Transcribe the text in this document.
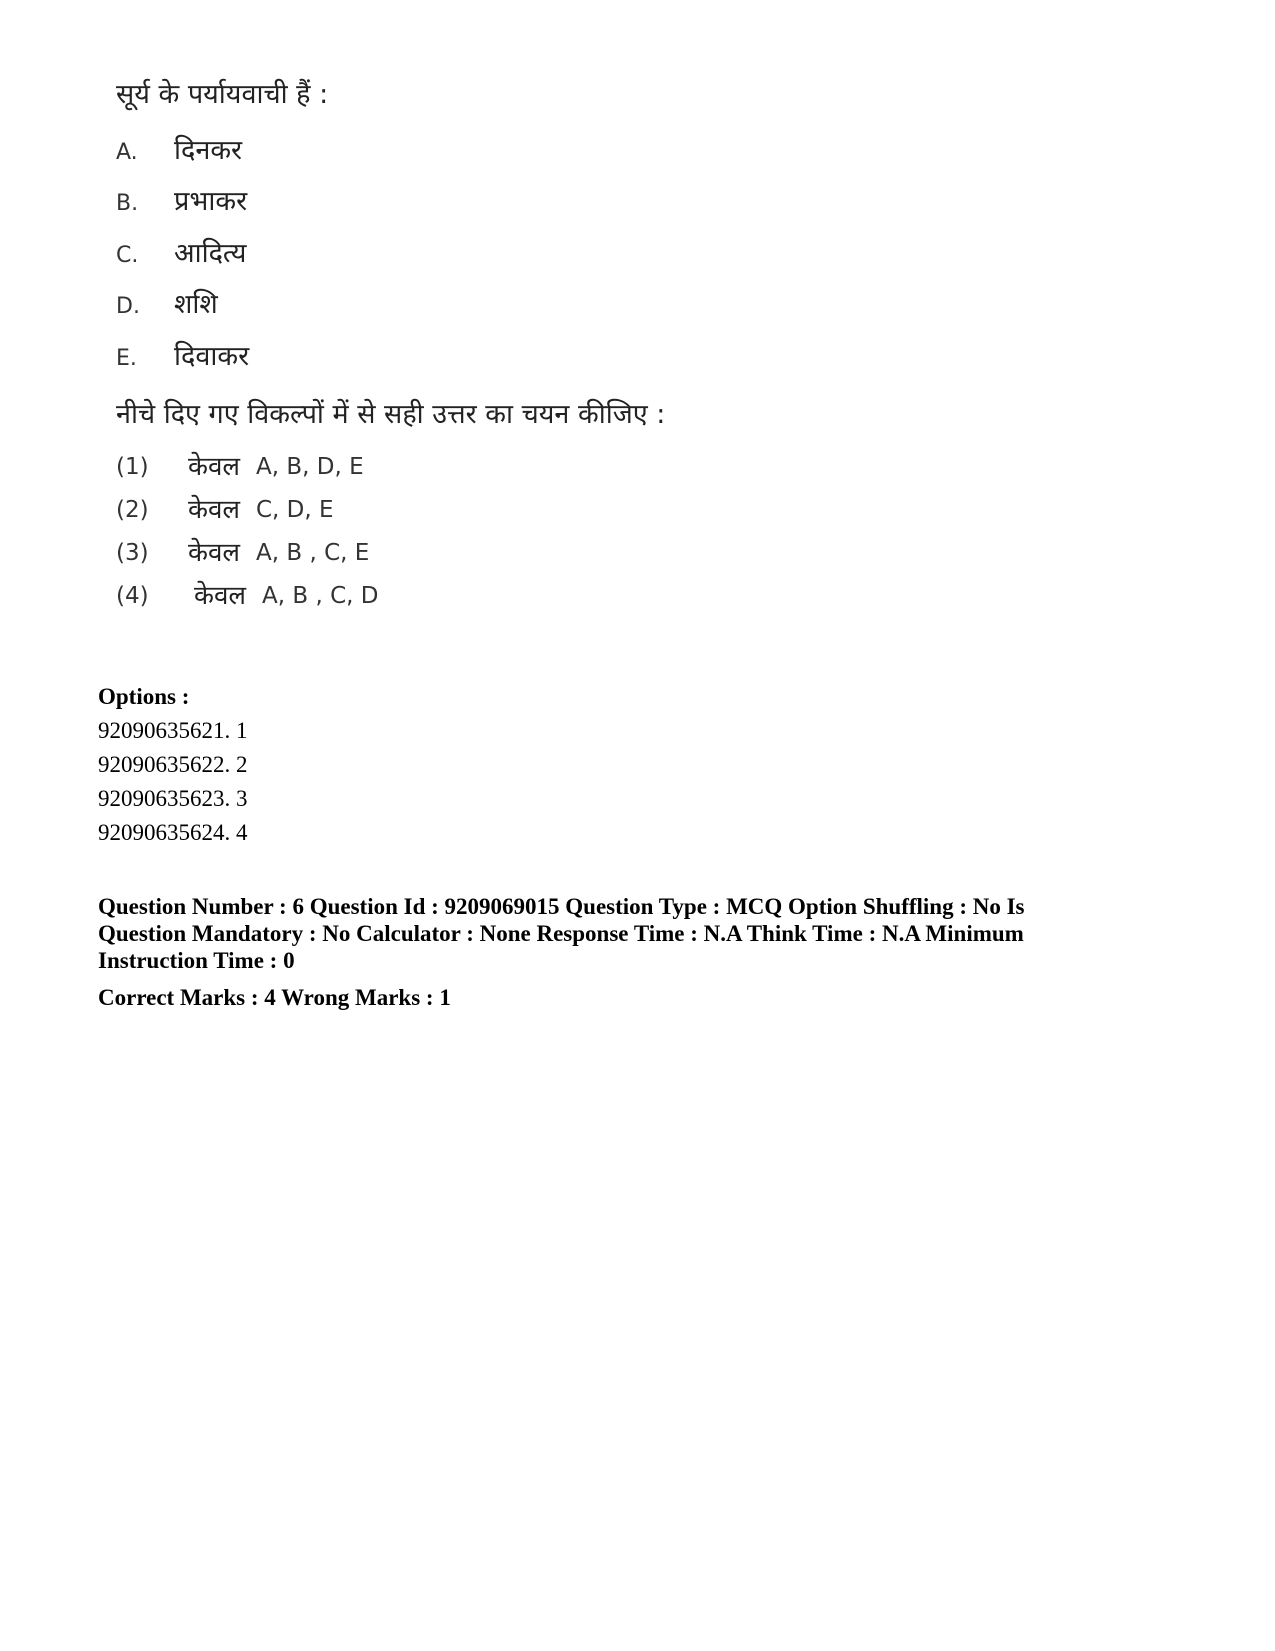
सूर्य के पर्यायवाची हैं :
A. दिनकर
B. प्रभाकर
C. आदित्य
D. शशि
E. दिवाकर
नीचे दिए गए विकल्पों में से सही उत्तर का चयन कीजिए :
(1) केवल A, B, D, E
(2) केवल C, D, E
(3) केवल A, B , C, E
(4) केवल A, B , C, D
Options :
92090635621. 1
92090635622. 2
92090635623. 3
92090635624. 4
Question Number : 6 Question Id : 9209069015 Question Type : MCQ Option Shuffling : No Is Question Mandatory : No Calculator : None Response Time : N.A Think Time : N.A Minimum Instruction Time : 0
Correct Marks : 4 Wrong Marks : 1
